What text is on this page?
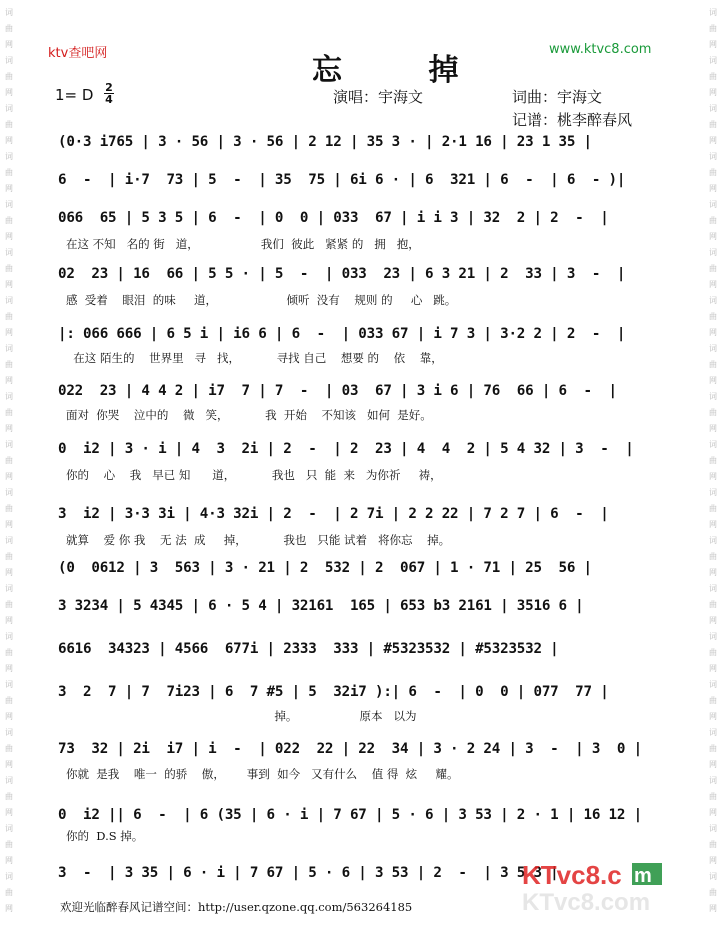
词
曲
网
词
曲
网
词
曲
网
词
曲
网
词
曲
网
词
曲
网
词
曲
网
词
曲
网
词
曲
网
词
曲
网
词
曲
网
词
曲
网
词
曲
网
词
曲
网
词
曲
网
词
曲
网
词
曲
网
词
曲
网
词
曲
网
词
曲
网
词
曲
网
词
曲
网
词
曲
网
词
曲
网
词
曲
网
词
曲
网
词
曲
网
词
曲
网
词
曲
网
词
曲
网
词
曲
网
词
曲
网
词
曲
网
词
曲
网
词
曲
网
词
曲
网
词
曲
网
词
曲
网
ktv查吧网	www.ktvc8.com
忘 掉
1= D 2
4	演唱：宇海文	词曲：宇海文
记谱：桃李醉春风
(0·3 i765 | 3 · 56 | 3 · 56 | 2 12 | 35 3 · | 2·1 16 | 23 1 35 |
6  -  | i·7  73 | 5  -  | 35  75 | 6i 6 · | 6  321 | 6  -  | 6  - )|
066  65 | 5 3 5 | 6  -  | 0  0 | 033  67 | i i 3 | 32  2 | 2  -  |
在这 不知   名的 街   道，                 我们  彼此   紧紧 的   拥   抱，
02  23 | 16  66 | 5 5 · | 5  -  | 033  23 | 6 3 21 | 2  33 | 3  -  |
感  受着    眼泪  的味     道，                   倾听  没有    规则 的     心   跳。
|: 066 666 | 6 5 i | i6 6 | 6  -  | 033 67 | i 7 3 | 3·2 2 | 2  -  |
在这 陌生的    世界里   寻   找，          寻找 自己    想要 的    依    靠，
022  23 | 4 4 2 | i7  7 | 7  -  | 03  67 | 3 i 6 | 76  66 | 6  -  |
面对  你哭    泣中的    微   笑，          我  开始    不知该   如何  是好。
0  i2 | 3 · i | 4  3  2i | 2  -  | 2  23 | 4  4  2 | 5 4 32 | 3  -  |
你的    心    我   早已 知      道，          我也   只  能  来   为你祈     祷，
3  i2 | 3·3 3i | 4·3 32i | 2  -  | 2 7i | 2 2 22 | 7 2 7 | 6  -  |
就算    爱 你 我    无 法  成     掉，          我也   只能 试着   将你忘    掉。
(0  0612 | 3  563 | 3 · 21 | 2  532 | 2  067 | 1 · 71 | 25  56 |
3 3234 | 5 4345 | 6 · 5 4 | 32161  165 | 653 b3 2161 | 3516 6 |
6616  34323 | 4566  677i | 2333  333 | #5323532 | #5323532 |
3  2  7 | 7  7i23 | 6  7 #5 | 5  32i7 ):| 6  -  | 0  0 | 077  77 |
掉。                 原本   以为
73  32 | 2i  i7 | i  -  | 022  22 | 22  34 | 3 · 2 24 | 3  -  | 3  0 |
你就  是我    唯一  的骄    傲，      事到  如今   又有什么    值 得  炫     耀。
0  i2 || 6  -  | 6 (35 | 6 · i | 7 67 | 5 · 6 | 3 53 | 2 · 1 | 16 12 |
你的  D.S 掉。
3  -  | 3 35 | 6 · i | 7 67 | 5 · 6 | 3 53 | 2  -  | 3 5 3 |
欢迎光临醉春风记谱空间：http://user.qzone.qq.com/563264185
KTvc8.c m
KTvc8.com
